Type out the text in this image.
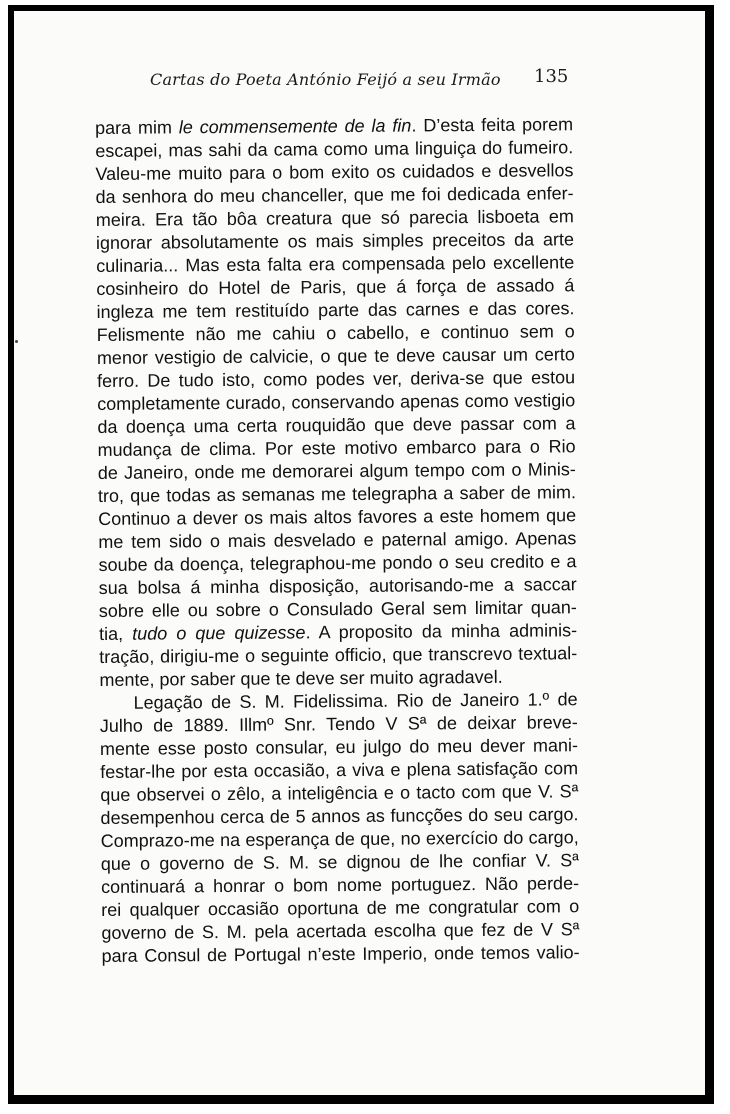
Cartas do Poeta António Feijó a seu Irmão 135
para mim le commensemente de la fin. D’esta feita porem
escapei, mas sahi da cama como uma linguiça do fumeiro.
Valeu-me muito para o bom exito os cuidados e desvellos
da senhora do meu chanceller, que me foi dedicada enfer-
meira. Era tão bôa creatura que só parecia lisboeta em
ignorar absolutamente os mais simples preceitos da arte
culinaria... Mas esta falta era compensada pelo excellente
cosinheiro do Hotel de Paris, que á força de assado á
ingleza me tem restituído parte das carnes e das cores.
Felismente não me cahiu o cabello, e continuo sem o
menor vestigio de calvicie, o que te deve causar um certo
ferro. De tudo isto, como podes ver, deriva-se que estou
completamente curado, conservando apenas como vestigio
da doença uma certa rouquidão que deve passar com a
mudança de clima. Por este motivo embarco para o Rio
de Janeiro, onde me demorarei algum tempo com o Minis-
tro, que todas as semanas me telegrapha a saber de mim.
Continuo a dever os mais altos favores a este homem que
me tem sido o mais desvelado e paternal amigo. Apenas
soube da doença, telegraphou-me pondo o seu credito e a
sua bolsa á minha disposição, autorisando-me a saccar
sobre elle ou sobre o Consulado Geral sem limitar quan-
tia, tudo o que quizesse. A proposito da minha adminis-
tração, dirigiu-me o seguinte officio, que transcrevo textual-
mente, por saber que te deve ser muito agradavel.
Legação de S. M. Fidelissima. Rio de Janeiro 1.º de
Julho de 1889. Illmº Snr. Tendo V Sª de deixar breve-
mente esse posto consular, eu julgo do meu dever mani-
festar-lhe por esta occasião, a viva e plena satisfação com
que observei o zêlo, a inteligência e o tacto com que V. Sª
desempenhou cerca de 5 annos as funcções do seu cargo.
Comprazo-me na esperança de que, no exercício do cargo,
que o governo de S. M. se dignou de lhe confiar V. Sª
continuará a honrar o bom nome portuguez. Não perde-
rei qualquer occasião oportuna de me congratular com o
governo de S. M. pela acertada escolha que fez de V Sª
para Consul de Portugal n’este Imperio, onde temos valio-
